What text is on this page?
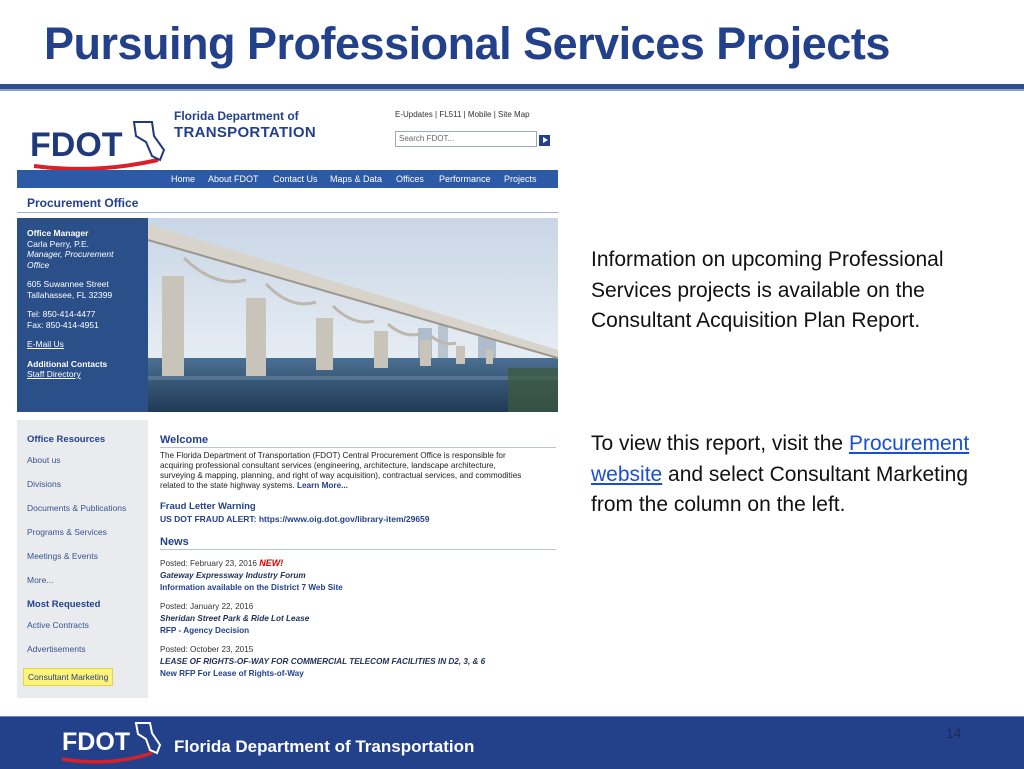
Pursuing Professional Services Projects
FDOT
Florida Department of
TRANSPORTATION
E-Updates | FL511 | Mobile | Site Map
Search FDOT...
Home About FDOT Contact Us Maps & Data Offices Performance Projects
Procurement Office
Office Manager
Carla Perry, P.E.
Manager, Procurement
Office
605 Suwannee Street
Tallahassee, FL 32399
Tel: 850-414-4477
Fax: 850-414-4951
E-Mail Us
Additional Contacts
Staff Directory
Office Resources
About us
Divisions
Documents & Publications
Programs & Services
Meetings & Events
More...
Most Requested
Active Contracts
Advertisements
Consultant Marketing
Welcome
The Florida Department of Transportation (FDOT) Central Procurement Office is responsible for
acquiring professional consultant services (engineering, architecture, landscape architecture,
surveying & mapping, planning, and right of way acquisition), contractual services, and commodities
related to the state highway systems. Learn More...
Fraud Letter Warning
US DOT FRAUD ALERT: https://www.oig.dot.gov/library-item/29659
News
Posted: February 23, 2016 NEW!
Gateway Expressway Industry Forum
Information available on the District 7 Web Site
Posted: January 22, 2016
Sheridan Street Park & Ride Lot Lease
RFP - Agency Decision
Posted: October 23, 2015
LEASE OF RIGHTS-OF-WAY FOR COMMERCIAL TELECOM FACILITIES IN D2, 3, & 6
New RFP For Lease of Rights-of-Way

Information on upcoming Professional Services projects is available on the Consultant Acquisition Plan Report.

To view this report, visit the Procurement website and select Consultant Marketing from the column on the left.

FDOT	Florida Department of Transportation
14
